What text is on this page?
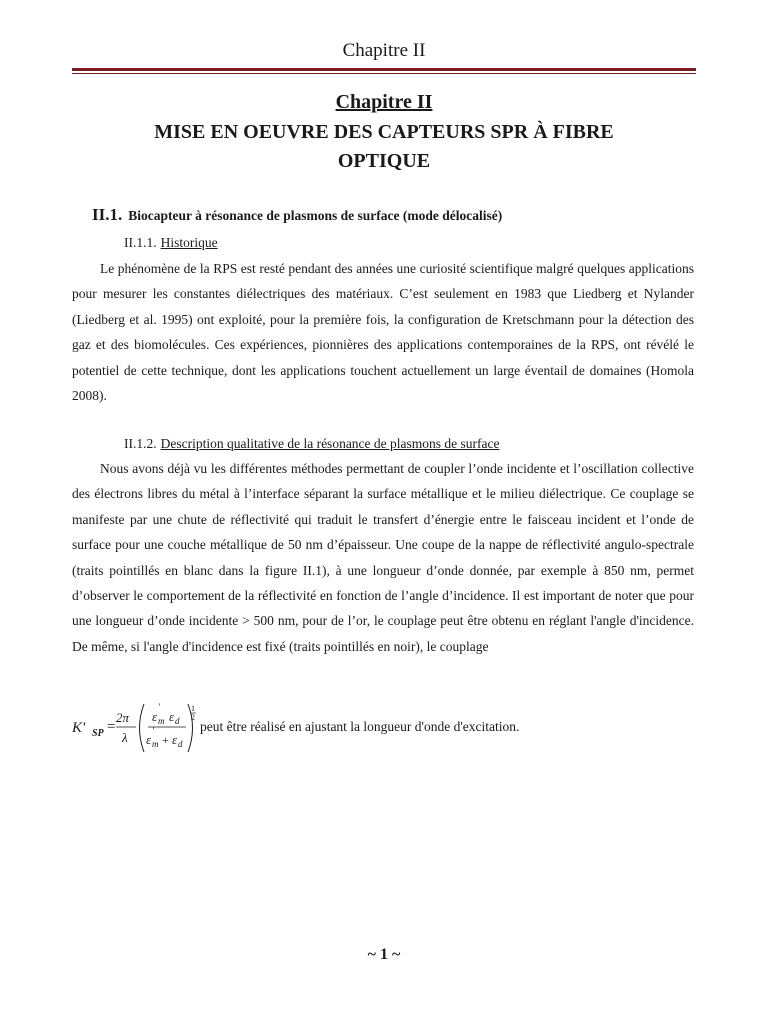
Chapitre II
Chapitre II
MISE EN OEUVRE DES CAPTEURS SPR À FIBRE OPTIQUE
II.1. Biocapteur à résonance de plasmons de surface (mode délocalisé)
II.1.1. Historique

Le phénomène de la RPS est resté pendant des années une curiosité scientifique malgré quelques applications pour mesurer les constantes diélectriques des matériaux. C’est seulement en 1983 que Liedberg et Nylander (Liedberg et al. 1995) ont exploité, pour la première fois, la configuration de Kretschmann pour la détection des gaz et des biomolécules. Ces expériences, pionnières des applications contemporaines de la RPS, ont révélé le potentiel de cette technique, dont les applications touchent actuellement un large éventail de domaines (Homola 2008).

II.1.2. Description qualitative de la résonance de plasmons de surface

Nous avons déjà vu les différentes méthodes permettant de coupler l’onde incidente et l’oscillation collective des électrons libres du métal à l’interface séparant la surface métallique et le milieu diélectrique. Ce couplage se manifeste par une chute de réflectivité qui traduit le transfert d’énergie entre le faisceau incident et l’onde de surface pour une couche métallique de 50 nm d’épaisseur. Une coupe de la nappe de réflectivité angulo-spectrale (traits pointillés en blanc dans la figure II.1), à une longueur d’onde donnée, par exemple à 850 nm, permet d’observer le comportement de la réflectivité en fonction de l’angle d’incidence. Il est important de noter que pour une longueur d’onde incidente > 500 nm, pour de l’or, le couplage peut être obtenu en réglant l'angle d'incidence. De même, si l'angle d'incidence est fixé (traits pointillés en noir), le couplage

K' SP =
2π
λ
ε
'
m ε d
ε
'
m + ε d
1
2
peut être réalisé en ajustant la longueur d'onde d'excitation.
~ 1 ~
